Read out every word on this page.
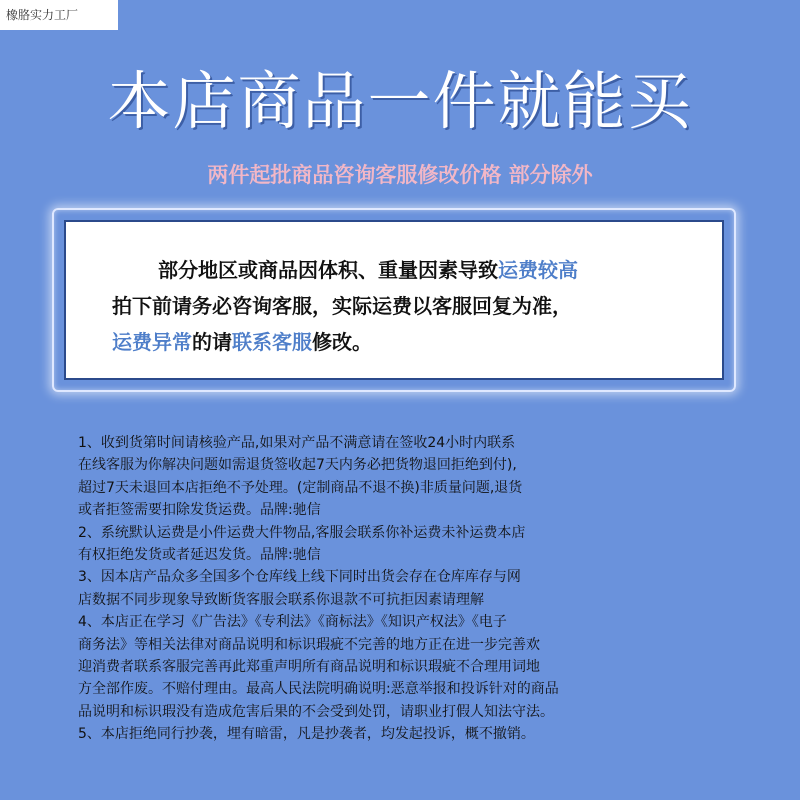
橡胳实力工厂
本店商品一件就能买
两件起批商品咨询客服修改价格 部分除外
部分地区或商品因体积、重量因素导致运费较高
拍下前请务必咨询客服，实际运费以客服回复为准，
运费异常的请联系客服修改。

1、收到货第时间请核验产品,如果对产品不满意请在签收24小时内联系

在线客服为你解决问题如需退货签收起7天内务必把货物退回拒绝到付),

超过7天未退回本店拒绝不予处理。(定制商品不退不换)非质量问题,退货

或者拒签需要扣除发货运费。品牌:驰信

2、系统默认运费是小件运费大件物品,客服会联系你补运费未补运费本店

有权拒绝发货或者延迟发货。品牌:驰信

3、因本店产品众多全国多个仓库线上线下同时出货会存在仓库库存与网

店数据不同步现象导致断货客服会联系你退款不可抗拒因素请理解

4、本店正在学习《广告法》《专利法》《商标法》《知识产权法》《电子

商务法》等相关法律对商品说明和标识瑕疵不完善的地方正在进一步完善欢

迎消费者联系客服完善再此郑重声明所有商品说明和标识瑕疵不合理用词地

方全部作废。不赔付理由。最高人民法院明确说明:恶意举报和投诉针对的商品

品说明和标识瑕没有造成危害后果的不会受到处罚，请职业打假人知法守法。

5、本店拒绝同行抄袭，埋有暗雷，凡是抄袭者，均发起投诉，概不撤销。
